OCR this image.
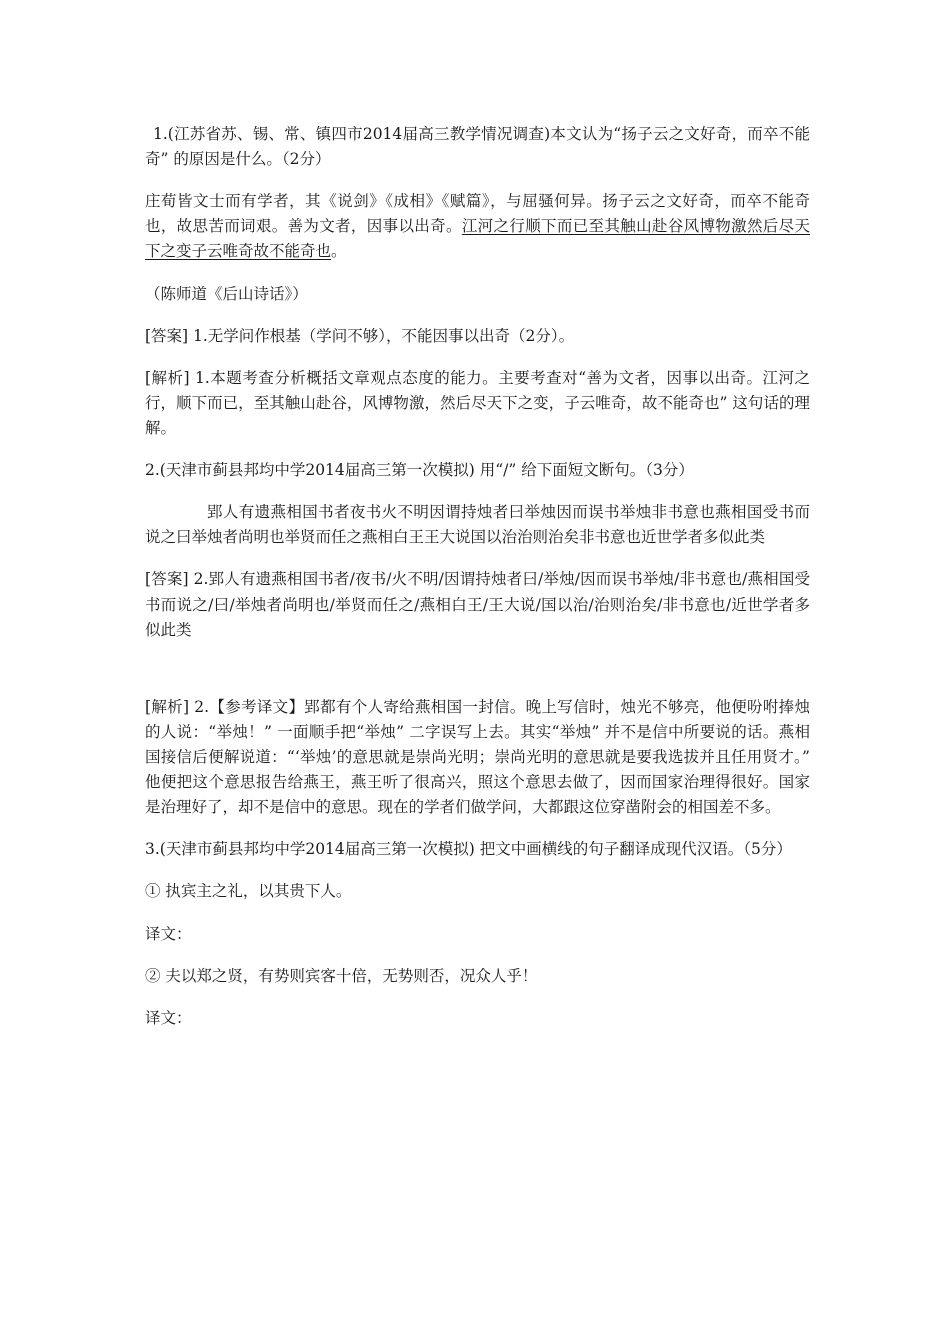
1.(江苏省苏、锡、常、镇四市2014届高三教学情况调查)本文认为“扬子云之文好奇，而卒不能奇” 的原因是什么。（2分）

庄荀皆文士而有学者，其《说剑》《成相》《赋篇》，与屈骚何异。扬子云之文好奇，而卒不能奇也，故思苦而词艰。善为文者，因事以出奇。江河之行顺下而已至其触山赴谷风博物激然后尽天下之变子云唯奇故不能奇也。

（陈师道《后山诗话》）

[答案] 1.无学问作根基（学问不够），不能因事以出奇（2分）。

[解析] 1.本题考查分析概括文章观点态度的能力。主要考查对“善为文者，因事以出奇。江河之行，顺下而已，至其触山赴谷，风博物激，然后尽天下之变，子云唯奇，故不能奇也” 这句话的理解。

2.(天津市蓟县邦均中学2014届高三第一次模拟) 用“/” 给下面短文断句。（3分）

郢人有遗燕相国书者夜书火不明因谓持烛者曰举烛因而误书举烛非书意也燕相国受书而说之曰举烛者尚明也举贤而任之燕相白王王大说国以治治则治矣非书意也近世学者多似此类

[答案] 2.郢人有遗燕相国书者/夜书/火不明/因谓持烛者曰/举烛/因而误书举烛/非书意也/燕相国受书而说之/曰/举烛者尚明也/举贤而任之/燕相白王/王大说/国以治/治则治矣/非书意也/近世学者多似此类

[解析] 2.【参考译文】郢都有个人寄给燕相国一封信。晚上写信时，烛光不够亮，他便吩咐捧烛的人说：“举烛！” 一面顺手把“举烛” 二字误写上去。其实“举烛” 并不是信中所要说的话。燕相国接信后便解说道：“‘举烛’的意思就是崇尚光明；崇尚光明的意思就是要我选拔并且任用贤才。” 他便把这个意思报告给燕王，燕王听了很高兴，照这个意思去做了，因而国家治理得很好。国家是治理好了，却不是信中的意思。现在的学者们做学问，大都跟这位穿凿附会的相国差不多。

3.(天津市蓟县邦均中学2014届高三第一次模拟) 把文中画横线的句子翻译成现代汉语。（5分）

① 执宾主之礼，以其贵下人。

译文：

② 夫以郑之贤，有势则宾客十倍，无势则否，况众人乎！

译文：
